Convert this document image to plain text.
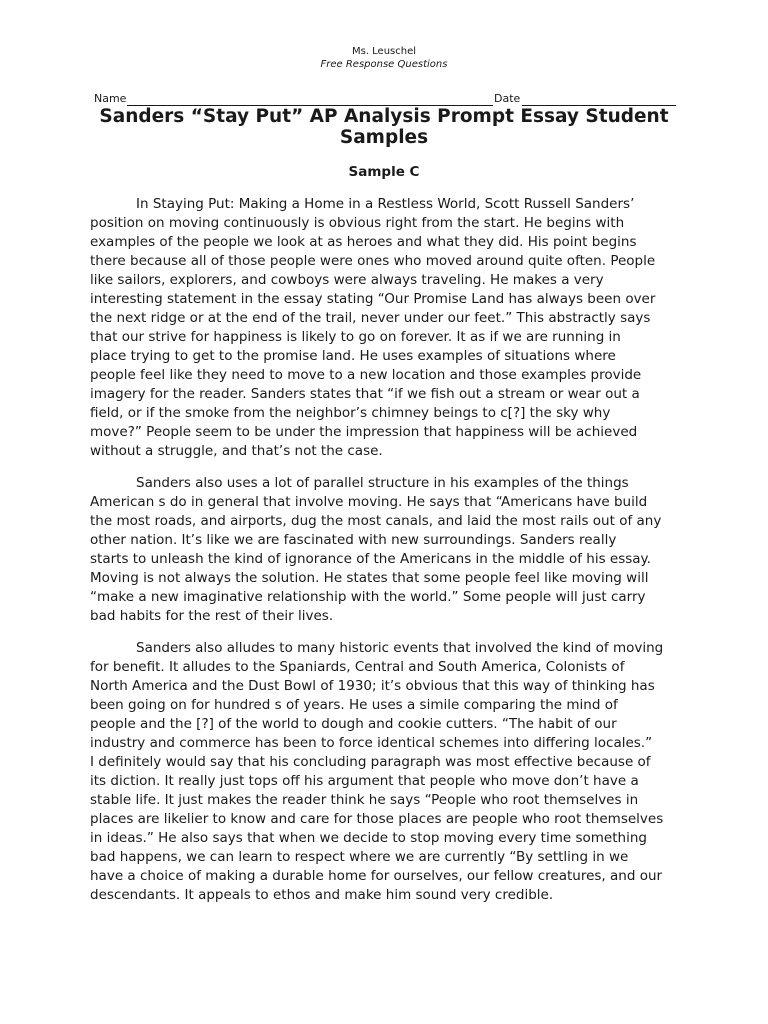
Ms. Leuschel
Free Response Questions
Name	Date
Sanders “Stay Put” AP Analysis Prompt Essay Student
Samples
Sample C
In Staying Put: Making a Home in a Restless World, Scott Russell Sanders’
position on moving continuously is obvious right from the start. He begins with
examples of the people we look at as heroes and what they did. His point begins
there because all of those people were ones who moved around quite often. People
like sailors, explorers, and cowboys were always traveling. He makes a very
interesting statement in the essay stating “Our Promise Land has always been over
the next ridge or at the end of the trail, never under our feet.” This abstractly says
that our strive for happiness is likely to go on forever. It as if we are running in
place trying to get to the promise land. He uses examples of situations where
people feel like they need to move to a new location and those examples provide
imagery for the reader. Sanders states that “if we fish out a stream or wear out a
field, or if the smoke from the neighbor’s chimney beings to c[?] the sky why
move?” People seem to be under the impression that happiness will be achieved
without a struggle, and that’s not the case.
Sanders also uses a lot of parallel structure in his examples of the things
American s do in general that involve moving. He says that “Americans have build
the most roads, and airports, dug the most canals, and laid the most rails out of any
other nation. It’s like we are fascinated with new surroundings. Sanders really
starts to unleash the kind of ignorance of the Americans in the middle of his essay.
Moving is not always the solution. He states that some people feel like moving will
“make a new imaginative relationship with the world.” Some people will just carry
bad habits for the rest of their lives.
Sanders also alludes to many historic events that involved the kind of moving
for benefit. It alludes to the Spaniards, Central and South America, Colonists of
North America and the Dust Bowl of 1930; it’s obvious that this way of thinking has
been going on for hundred s of years. He uses a simile comparing the mind of
people and the [?] of the world to dough and cookie cutters. “The habit of our
industry and commerce has been to force identical schemes into differing locales.”
I definitely would say that his concluding paragraph was most effective because of
its diction. It really just tops off his argument that people who move don’t have a
stable life. It just makes the reader think he says “People who root themselves in
places are likelier to know and care for those places are people who root themselves
in ideas.” He also says that when we decide to stop moving every time something
bad happens, we can learn to respect where we are currently “By settling in we
have a choice of making a durable home for ourselves, our fellow creatures, and our
descendants. It appeals to ethos and make him sound very credible.
